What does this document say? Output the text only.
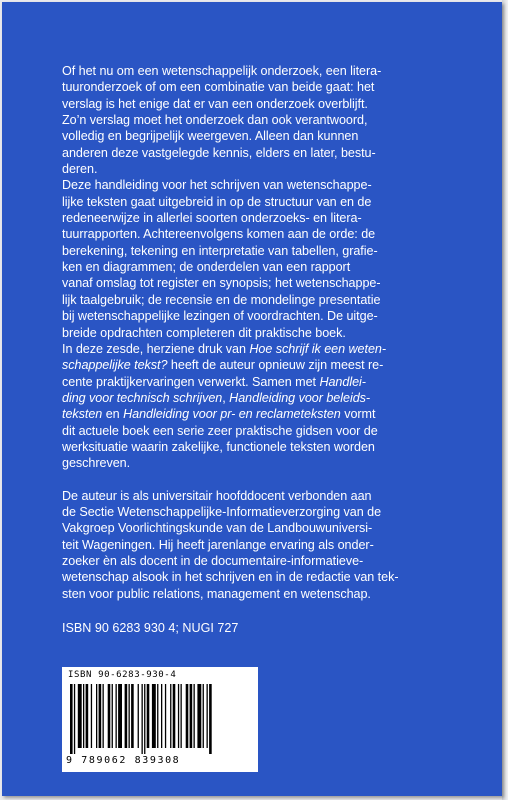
Of het nu om een wetenschappelijk onderzoek, een litera-
tuuronderzoek of om een combinatie van beide gaat: het
verslag is het enige dat er van een onderzoek overblijft.
Zo’n verslag moet het onderzoek dan ook verantwoord,
volledig en begrijpelijk weergeven. Alleen dan kunnen
anderen deze vastgelegde kennis, elders en later, bestu-
deren.

Deze handleiding voor het schrijven van wetenschappe-
lijke teksten gaat uitgebreid in op de structuur van en de
redeneerwijze in allerlei soorten onderzoeks- en litera-
tuurrapporten. Achtereenvolgens komen aan de orde: de
berekening, tekening en interpretatie van tabellen, grafie-
ken en diagrammen; de onderdelen van een rapport
vanaf omslag tot register en synopsis; het wetenschappe-
lijk taalgebruik; de recensie en de mondelinge presentatie
bij wetenschappelijke lezingen of voordrachten. De uitge-
breide opdrachten completeren dit praktische boek.

In deze zesde, herziene druk van Hoe schrijf ik een weten-
schappelijke tekst? heeft de auteur opnieuw zijn meest re-
cente praktijkervaringen verwerkt. Samen met Handlei-
ding voor technisch schrijven, Handleiding voor beleids-
teksten en Handleiding voor pr- en reclameteksten vormt
dit actuele boek een serie zeer praktische gidsen voor de
werksituatie waarin zakelijke, functionele teksten worden
geschreven.

De auteur is als universitair hoofddocent verbonden aan
de Sectie Wetenschappelijke-Informatieverzorging van de
Vakgroep Voorlichtingskunde van de Landbouwuniversi-
teit Wageningen. Hij heeft jarenlange ervaring als onder-
zoeker èn als docent in de documentaire-informatieve-
wetenschap alsook in het schrijven en in de redactie van tek-
sten voor public relations, management en wetenschap.

ISBN 90 6283 930 4; NUGI 727
ISBN 90-6283-930-4
9 789062 839308
